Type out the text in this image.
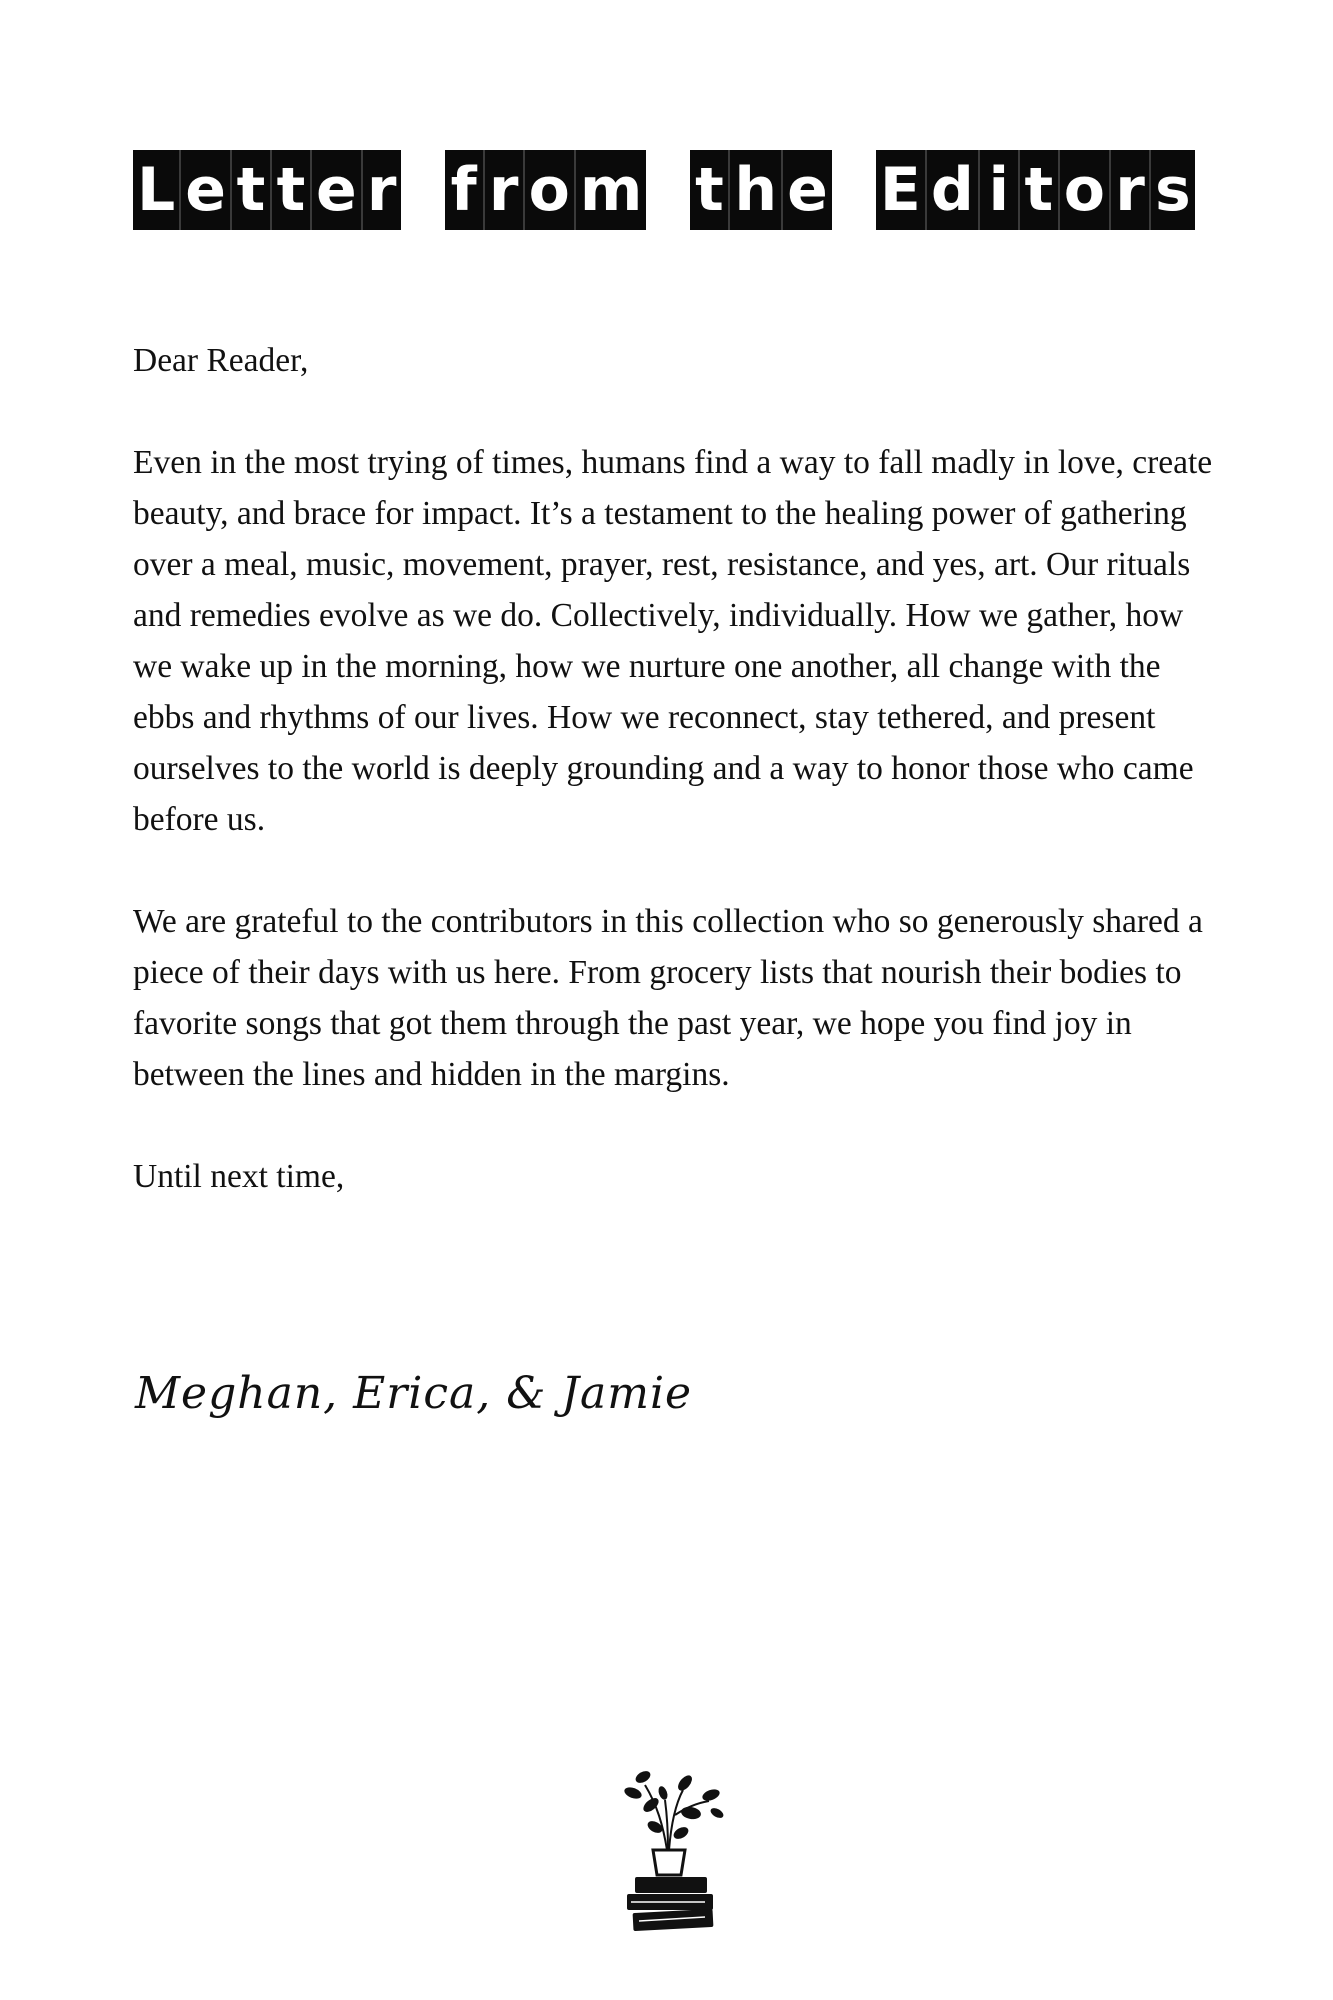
L e t t e r f r o m t h e E d i t o r s

Dear Reader,

Even in the most trying of times, humans find a way to fall madly in love, create beauty, and brace for impact. It’s a testament to the healing power of gathering over a meal, music, movement, prayer, rest, resistance, and yes, art. Our rituals and remedies evolve as we do. Collectively, individually. How we gather, how we wake up in the morning, how we nurture one another, all change with the ebbs and rhythms of our lives. How we reconnect, stay tethered, and present ourselves to the world is deeply grounding and a way to honor those who came before us.

We are grateful to the contributors in this collection who so generously shared a piece of their days with us here. From grocery lists that nourish their bodies to favorite songs that got them through the past year, we hope you find joy in between the lines and hidden in the margins.

Until next time,

Meghan, Erica, & Jamie
